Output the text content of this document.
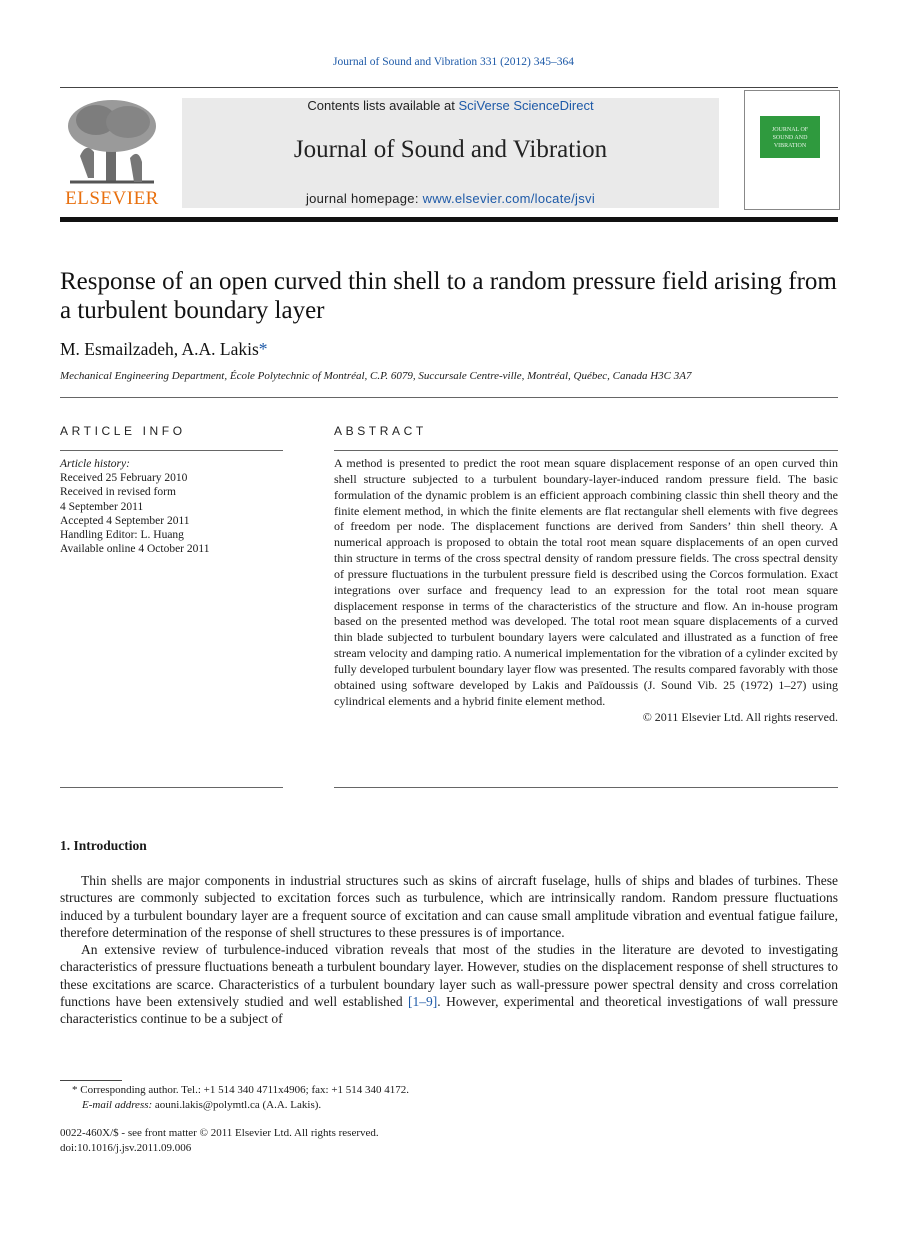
Journal of Sound and Vibration 331 (2012) 345–364
ELSEVIER
Contents lists available at SciVerse ScienceDirect
Journal of Sound and Vibration
journal homepage: www.elsevier.com/locate/jsvi
JOURNAL OF
SOUND AND
VIBRATION
Response of an open curved thin shell to a random pressure field arising from a turbulent boundary layer
M. Esmailzadeh, A.A. Lakis*
Mechanical Engineering Department, École Polytechnic of Montréal, C.P. 6079, Succursale Centre-ville, Montréal, Québec, Canada H3C 3A7
ARTICLE INFO
Article history:
Received 25 February 2010
Received in revised form
4 September 2011
Accepted 4 September 2011
Handling Editor: L. Huang
Available online 4 October 2011
ABSTRACT
A method is presented to predict the root mean square displacement response of an open curved thin shell structure subjected to a turbulent boundary-layer-induced random pressure field. The basic formulation of the dynamic problem is an efficient approach combining classic thin shell theory and the finite element method, in which the finite elements are flat rectangular shell elements with five degrees of freedom per node. The displacement functions are derived from Sanders’ thin shell theory. A numerical approach is proposed to obtain the total root mean square displacements of an open curved thin structure in terms of the cross spectral density of random pressure fields. The cross spectral density of pressure fluctuations in the turbulent pressure field is described using the Corcos formulation. Exact integrations over surface and frequency lead to an expression for the total root mean square displacement response in terms of the characteristics of the structure and flow. An in-house program based on the presented method was developed. The total root mean square displacements of a curved thin blade subjected to turbulent boundary layers were calculated and illustrated as a function of free stream velocity and damping ratio. A numerical implementation for the vibration of a cylinder excited by fully developed turbulent boundary layer flow was presented. The results compared favorably with those obtained using software developed by Lakis and Païdoussis (J. Sound Vib. 25 (1972) 1–27) using cylindrical elements and a hybrid finite element method.
© 2011 Elsevier Ltd. All rights reserved.
1. Introduction

Thin shells are major components in industrial structures such as skins of aircraft fuselage, hulls of ships and blades of turbines. These structures are commonly subjected to excitation forces such as turbulence, which are intrinsically random. Random pressure fluctuations induced by a turbulent boundary layer are a frequent source of excitation and can cause small amplitude vibration and eventual fatigue failure, therefore determination of the response of shell structures to these pressures is of importance.

An extensive review of turbulence-induced vibration reveals that most of the studies in the literature are devoted to investigating characteristics of pressure fluctuations beneath a turbulent boundary layer. However, studies on the displacement response of shell structures to these excitations are scarce. Characteristics of a turbulent boundary layer such as wall-pressure power spectral density and cross correlation functions have been extensively studied and well established [1–9]. However, experimental and theoretical investigations of wall pressure characteristics continue to be a subject of

* Corresponding author. Tel.: +1 514 340 4711x4906; fax: +1 514 340 4172.
E-mail address: aouni.lakis@polymtl.ca (A.A. Lakis).
0022-460X/$ - see front matter © 2011 Elsevier Ltd. All rights reserved.
doi:10.1016/j.jsv.2011.09.006
